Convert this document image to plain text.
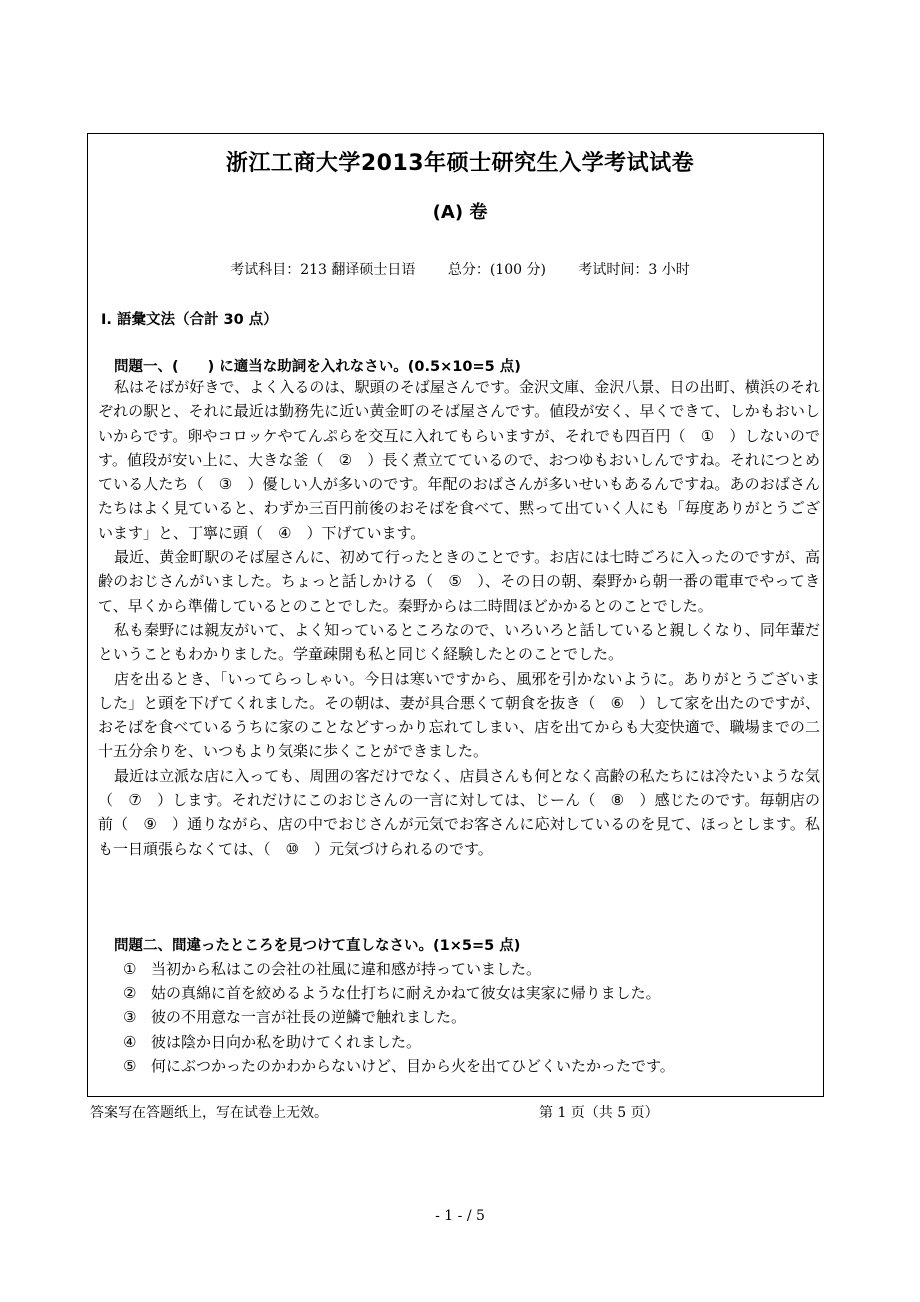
浙江工商大学2013年硕士研究生入学考试试卷
(A) 卷
考试科目：213 翻译硕士日语 总分：(100 分) 考试时间：3 小时
Ⅰ. 語彙文法（合計 30 点）
問題一、(　　) に適当な助詞を入れなさい。(0.5×10=5 点)

私はそばが好きで、よく入るのは、駅頭のそば屋さんです。金沢文庫、金沢八景、日の出町、横浜のそれぞれの駅と、それに最近は勤務先に近い黄金町のそば屋さんです。値段が安く、早くできて、しかもおいしいからです。卵やコロッケやてんぷらを交互に入れてもらいますが、それでも四百円（　①　）しないのです。値段が安い上に、大きな釜（　②　）長く煮立てているので、おつゆもおいしんですね。それにつとめている人たち（　③　）優しい人が多いのです。年配のおばさんが多いせいもあるんですね。あのおばさんたちはよく見ていると、わずか三百円前後のおそばを食べて、黙って出ていく人にも「毎度ありがとうございます」と、丁寧に頭（　④　）下げています。

最近、黄金町駅のそば屋さんに、初めて行ったときのことです。お店には七時ごろに入ったのですが、高齢のおじさんがいました。ちょっと話しかける（　⑤　）、その日の朝、秦野から朝一番の電車でやってきて、早くから準備しているとのことでした。秦野からは二時間ほどかかるとのことでした。

私も秦野には親友がいて、よく知っているところなので、いろいろと話していると親しくなり、同年輩だということもわかりました。学童疎開も私と同じく経験したとのことでした。

店を出るとき、「いってらっしゃい。今日は寒いですから、風邪を引かないように。ありがとうございました」と頭を下げてくれました。その朝は、妻が具合悪くて朝食を抜き（　⑥　）して家を出たのですが、おそばを食べているうちに家のことなどすっかり忘れてしまい、店を出てからも大変快適で、職場までの二十五分余りを、いつもより気楽に歩くことができました。

最近は立派な店に入っても、周囲の客だけでなく、店員さんも何となく高齢の私たちには冷たいような気（　⑦　）します。それだけにこのおじさんの一言に対しては、じーん（　⑧　）感じたのです。毎朝店の前（　⑨　）通りながら、店の中でおじさんが元気でお客さんに応対しているのを見て、ほっとします。私も一日頑張らなくては、（　⑩　）元気づけられるのです。

問題二、間違ったところを見つけて直しなさい。(1×5=5 点)
① 当初から私はこの会社の社風に違和感が持っていました。
② 姑の真綿に首を絞めるような仕打ちに耐えかねて彼女は実家に帰りました。
③ 彼の不用意な一言が社長の逆鱗で触れました。
④ 彼は陰か日向か私を助けてくれました。
⑤ 何にぶつかったのかわからないけど、目から火を出てひどくいたかったです。
答案写在答题纸上，写在试卷上无效。	第 1 页（共 5 页）
- 1 - / 5
